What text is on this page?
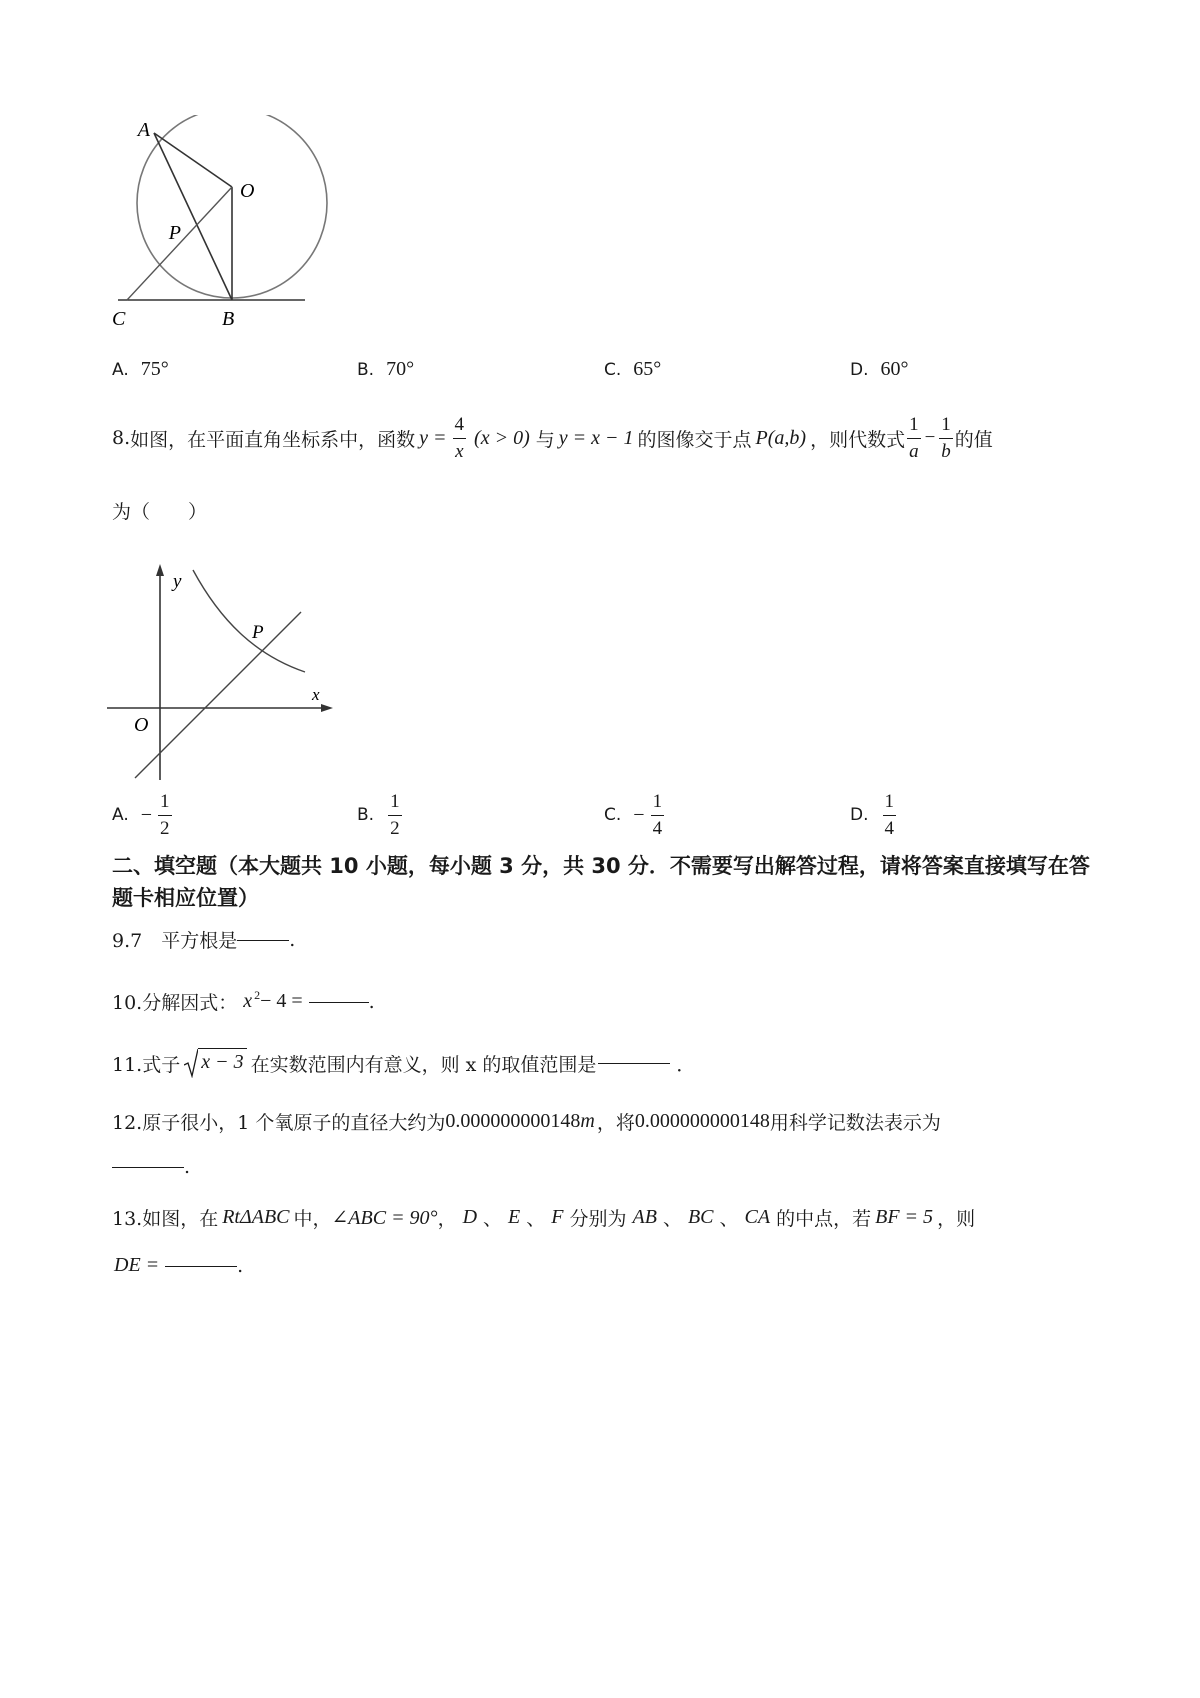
A
O
P
C	B
A. 75°	B. 70°	C. 65°	D. 60°
8. 如图，在平面直角坐标系中，函数 $y = \frac{4}{x} (x > 0)$ 与 y = x − 1 的图像交于点 P(a,b) ，则代数式 $\frac{1}{a} - \frac{1}{b}$ 的值
为（　　）
y
P
x
O
A. − $\frac{1}{2}$	B. $\frac{1}{2}$	C. − $\frac{1}{4}$	D. $\frac{1}{4}$
二、填空题（本大题共 10 小题，每小题 3 分，共 30 分．不需要写出解答过程，请将答案直接填写在答题卡相应位置）
9.7　平方根是	.
10.分解因式： $x^2 - 4$ =	.
11.式子 x − 3 在实数范围内有意义，则 x 的取值范围是	．
12.原子很小，1 个氧原子的直径大约为 0.000000000148 m ，将 0.000000000148 用科学记数法表示为
.
13.如图，在 RtΔABC 中， ∠ABC = 90° ， D 、 E 、 F 分别为 AB 、 BC 、 CA 的中点，若 BF = 5 ，则
DE =	.
